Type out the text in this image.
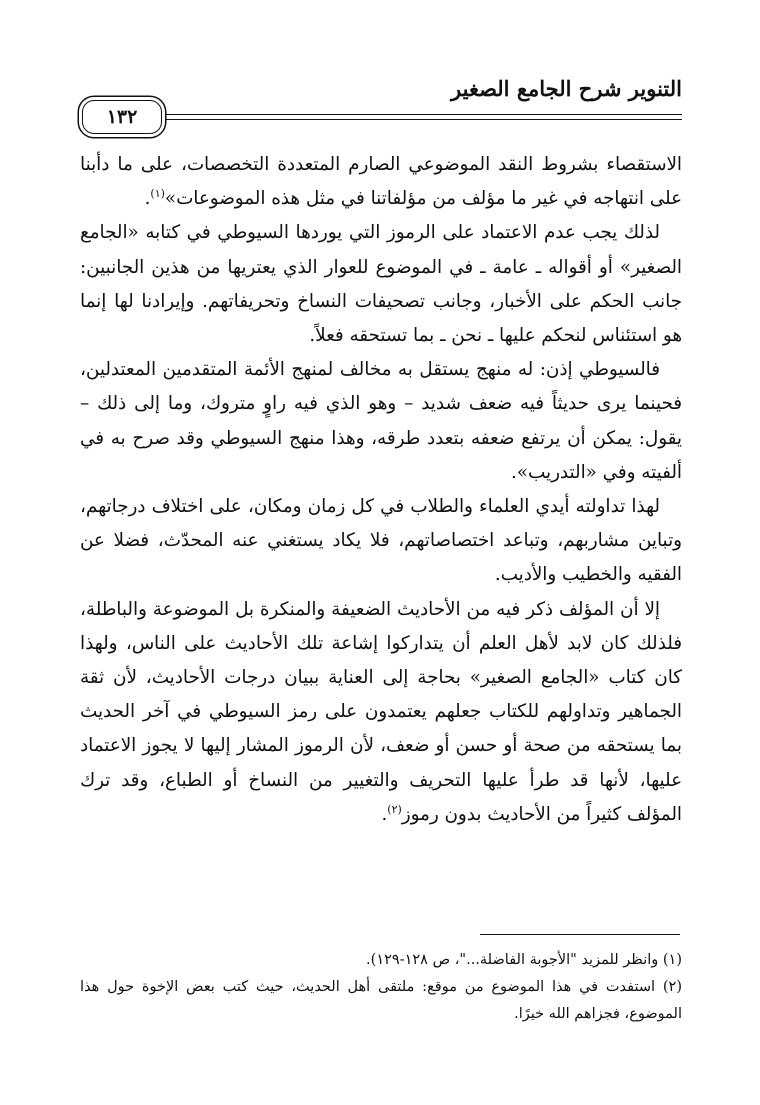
التنوير شرح الجامع الصغير
١٣٢

الاستقصاء بشروط النقد الموضوعي الصارم المتعددة التخصصات، على ما دأبنا على انتهاجه في غير ما مؤلف من مؤلفاتنا في مثل هذه الموضوعات»$^{(١)}$.

لذلك يجب عدم الاعتماد على الرموز التي يوردها السيوطي في كتابه «الجامع الصغير» أو أقواله ـ عامة ـ في الموضوع للعوار الذي يعتريها من هذين الجانبين: جانب الحكم على الأخبار، وجانب تصحيفات النساخ وتحريفاتهم. وإيرادنا لها إنما هو استئناس لنحكم عليها ـ نحن ـ بما تستحقه فعلاً.

فالسيوطي إذن: له منهج يستقل به مخالف لمنهج الأئمة المتقدمين المعتدلين، فحينما يرى حديثاً فيه ضعف شديد – وهو الذي فيه راوٍ متروك، وما إلى ذلك – يقول: يمكن أن يرتفع ضعفه بتعدد طرقه، وهذا منهج السيوطي وقد صرح به في ألفيته وفي «التدريب».

لهذا تداولته أيدي العلماء والطلاب في كل زمان ومكان، على اختلاف درجاتهم، وتباين مشاربهم، وتباعد اختصاصاتهم، فلا يكاد يستغني عنه المحدّث، فضلا عن الفقيه والخطيب والأديب.

إلا أن المؤلف ذكر فيه من الأحاديث الضعيفة والمنكرة بل الموضوعة والباطلة، فلذلك كان لابد لأهل العلم أن يتداركوا إشاعة تلك الأحاديث على الناس، ولهذا كان كتاب «الجامع الصغير» بحاجة إلى العناية ببيان درجات الأحاديث، لأن ثقة الجماهير وتداولهم للكتاب جعلهم يعتمدون على رمز السيوطي في آخر الحديث بما يستحقه من صحة أو حسن أو ضعف، لأن الرموز المشار إليها لا يجوز الاعتماد عليها، لأنها قد طرأ عليها التحريف والتغيير من النساخ أو الطباع، وقد ترك المؤلف كثيراً من الأحاديث بدون رموز$^{(٢)}$.

(١) وانظر للمزيد "الأجوبة الفاضلة..."، ص ١٢٨-١٢٩).

(٢) استفدت في هذا الموضوع من موقع: ملتقى أهل الحديث، حيث كتب بعض الإخوة حول هذا الموضوع، فجزاهم الله خيرًا.
